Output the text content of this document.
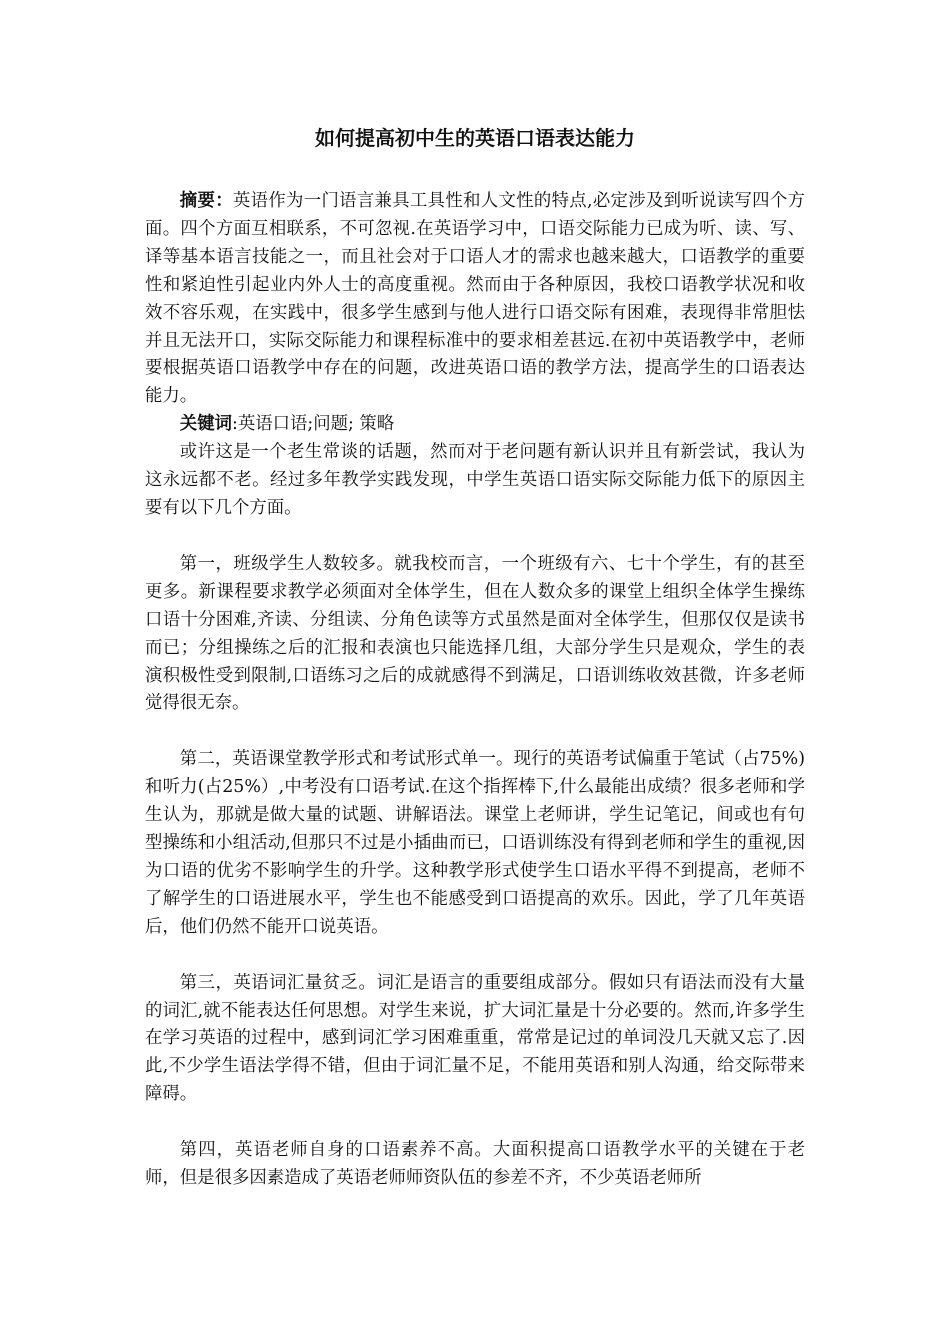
如何提高初中生的英语口语表达能力

摘要：英语作为一门语言兼具工具性和人文性的特点,必定涉及到听说读写四个方面。四个方面互相联系，不可忽视.在英语学习中，口语交际能力已成为听、读、写、译等基本语言技能之一，而且社会对于口语人才的需求也越来越大，口语教学的重要性和紧迫性引起业内外人士的高度重视。然而由于各种原因，我校口语教学状况和收效不容乐观，在实践中，很多学生感到与他人进行口语交际有困难，表现得非常胆怯并且无法开口，实际交际能力和课程标准中的要求相差甚远.在初中英语教学中，老师要根据英语口语教学中存在的问题，改进英语口语的教学方法，提高学生的口语表达能力。

关键词:英语口语;问题; 策略

或许这是一个老生常谈的话题，然而对于老问题有新认识并且有新尝试，我认为这永远都不老。经过多年教学实践发现，中学生英语口语实际交际能力低下的原因主要有以下几个方面。

第一，班级学生人数较多。就我校而言，一个班级有六、七十个学生，有的甚至更多。新课程要求教学必须面对全体学生，但在人数众多的课堂上组织全体学生操练口语十分困难,齐读、分组读、分角色读等方式虽然是面对全体学生，但那仅仅是读书而已；分组操练之后的汇报和表演也只能选择几组，大部分学生只是观众，学生的表演积极性受到限制,口语练习之后的成就感得不到满足，口语训练收效甚微，许多老师觉得很无奈。

第二，英语课堂教学形式和考试形式单一。现行的英语考试偏重于笔试（占75%)和听力(占25%）,中考没有口语考试.在这个指挥棒下,什么最能出成绩？很多老师和学生认为，那就是做大量的试题、讲解语法。课堂上老师讲，学生记笔记，间或也有句型操练和小组活动,但那只不过是小插曲而已，口语训练没有得到老师和学生的重视,因为口语的优劣不影响学生的升学。这种教学形式使学生口语水平得不到提高，老师不了解学生的口语进展水平，学生也不能感受到口语提高的欢乐。因此，学了几年英语后，他们仍然不能开口说英语。

第三，英语词汇量贫乏。词汇是语言的重要组成部分。假如只有语法而没有大量的词汇,就不能表达任何思想。对学生来说，扩大词汇量是十分必要的。然而,许多学生在学习英语的过程中，感到词汇学习困难重重，常常是记过的单词没几天就又忘了.因此,不少学生语法学得不错，但由于词汇量不足，不能用英语和别人沟通，给交际带来障碍。

第四，英语老师自身的口语素养不高。大面积提高口语教学水平的关键在于老师，但是很多因素造成了英语老师师资队伍的参差不齐，不少英语老师所
